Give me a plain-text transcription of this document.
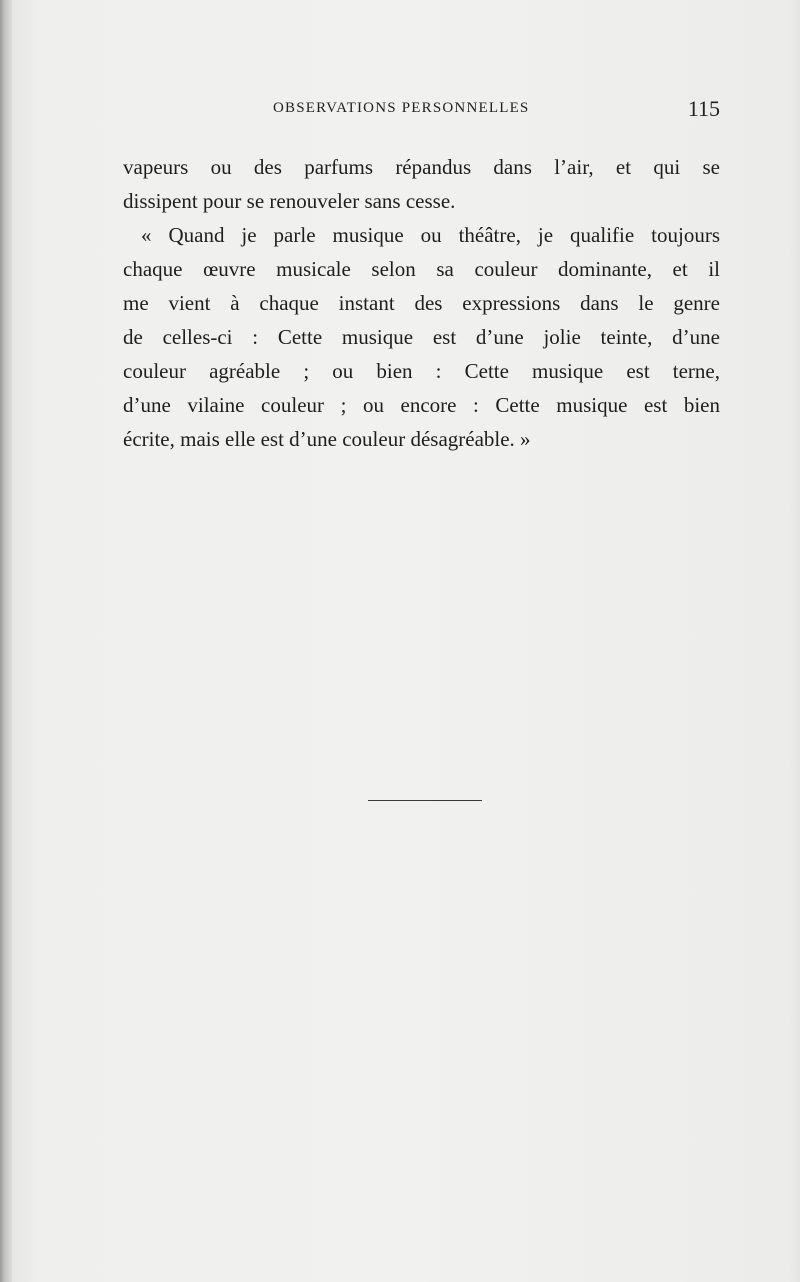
OBSERVATIONS PERSONNELLES	115
vapeurs ou des parfums répandus dans l’air, et qui se
dissipent pour se renouveler sans cesse.
« Quand je parle musique ou théâtre, je qualifie toujours
chaque œuvre musicale selon sa couleur dominante, et il
me vient à chaque instant des expressions dans le genre
de celles-ci : Cette musique est d’une jolie teinte, d’une
couleur agréable ; ou bien : Cette musique est terne,
d’une vilaine couleur ; ou encore : Cette musique est bien
écrite, mais elle est d’une couleur désagréable. »
